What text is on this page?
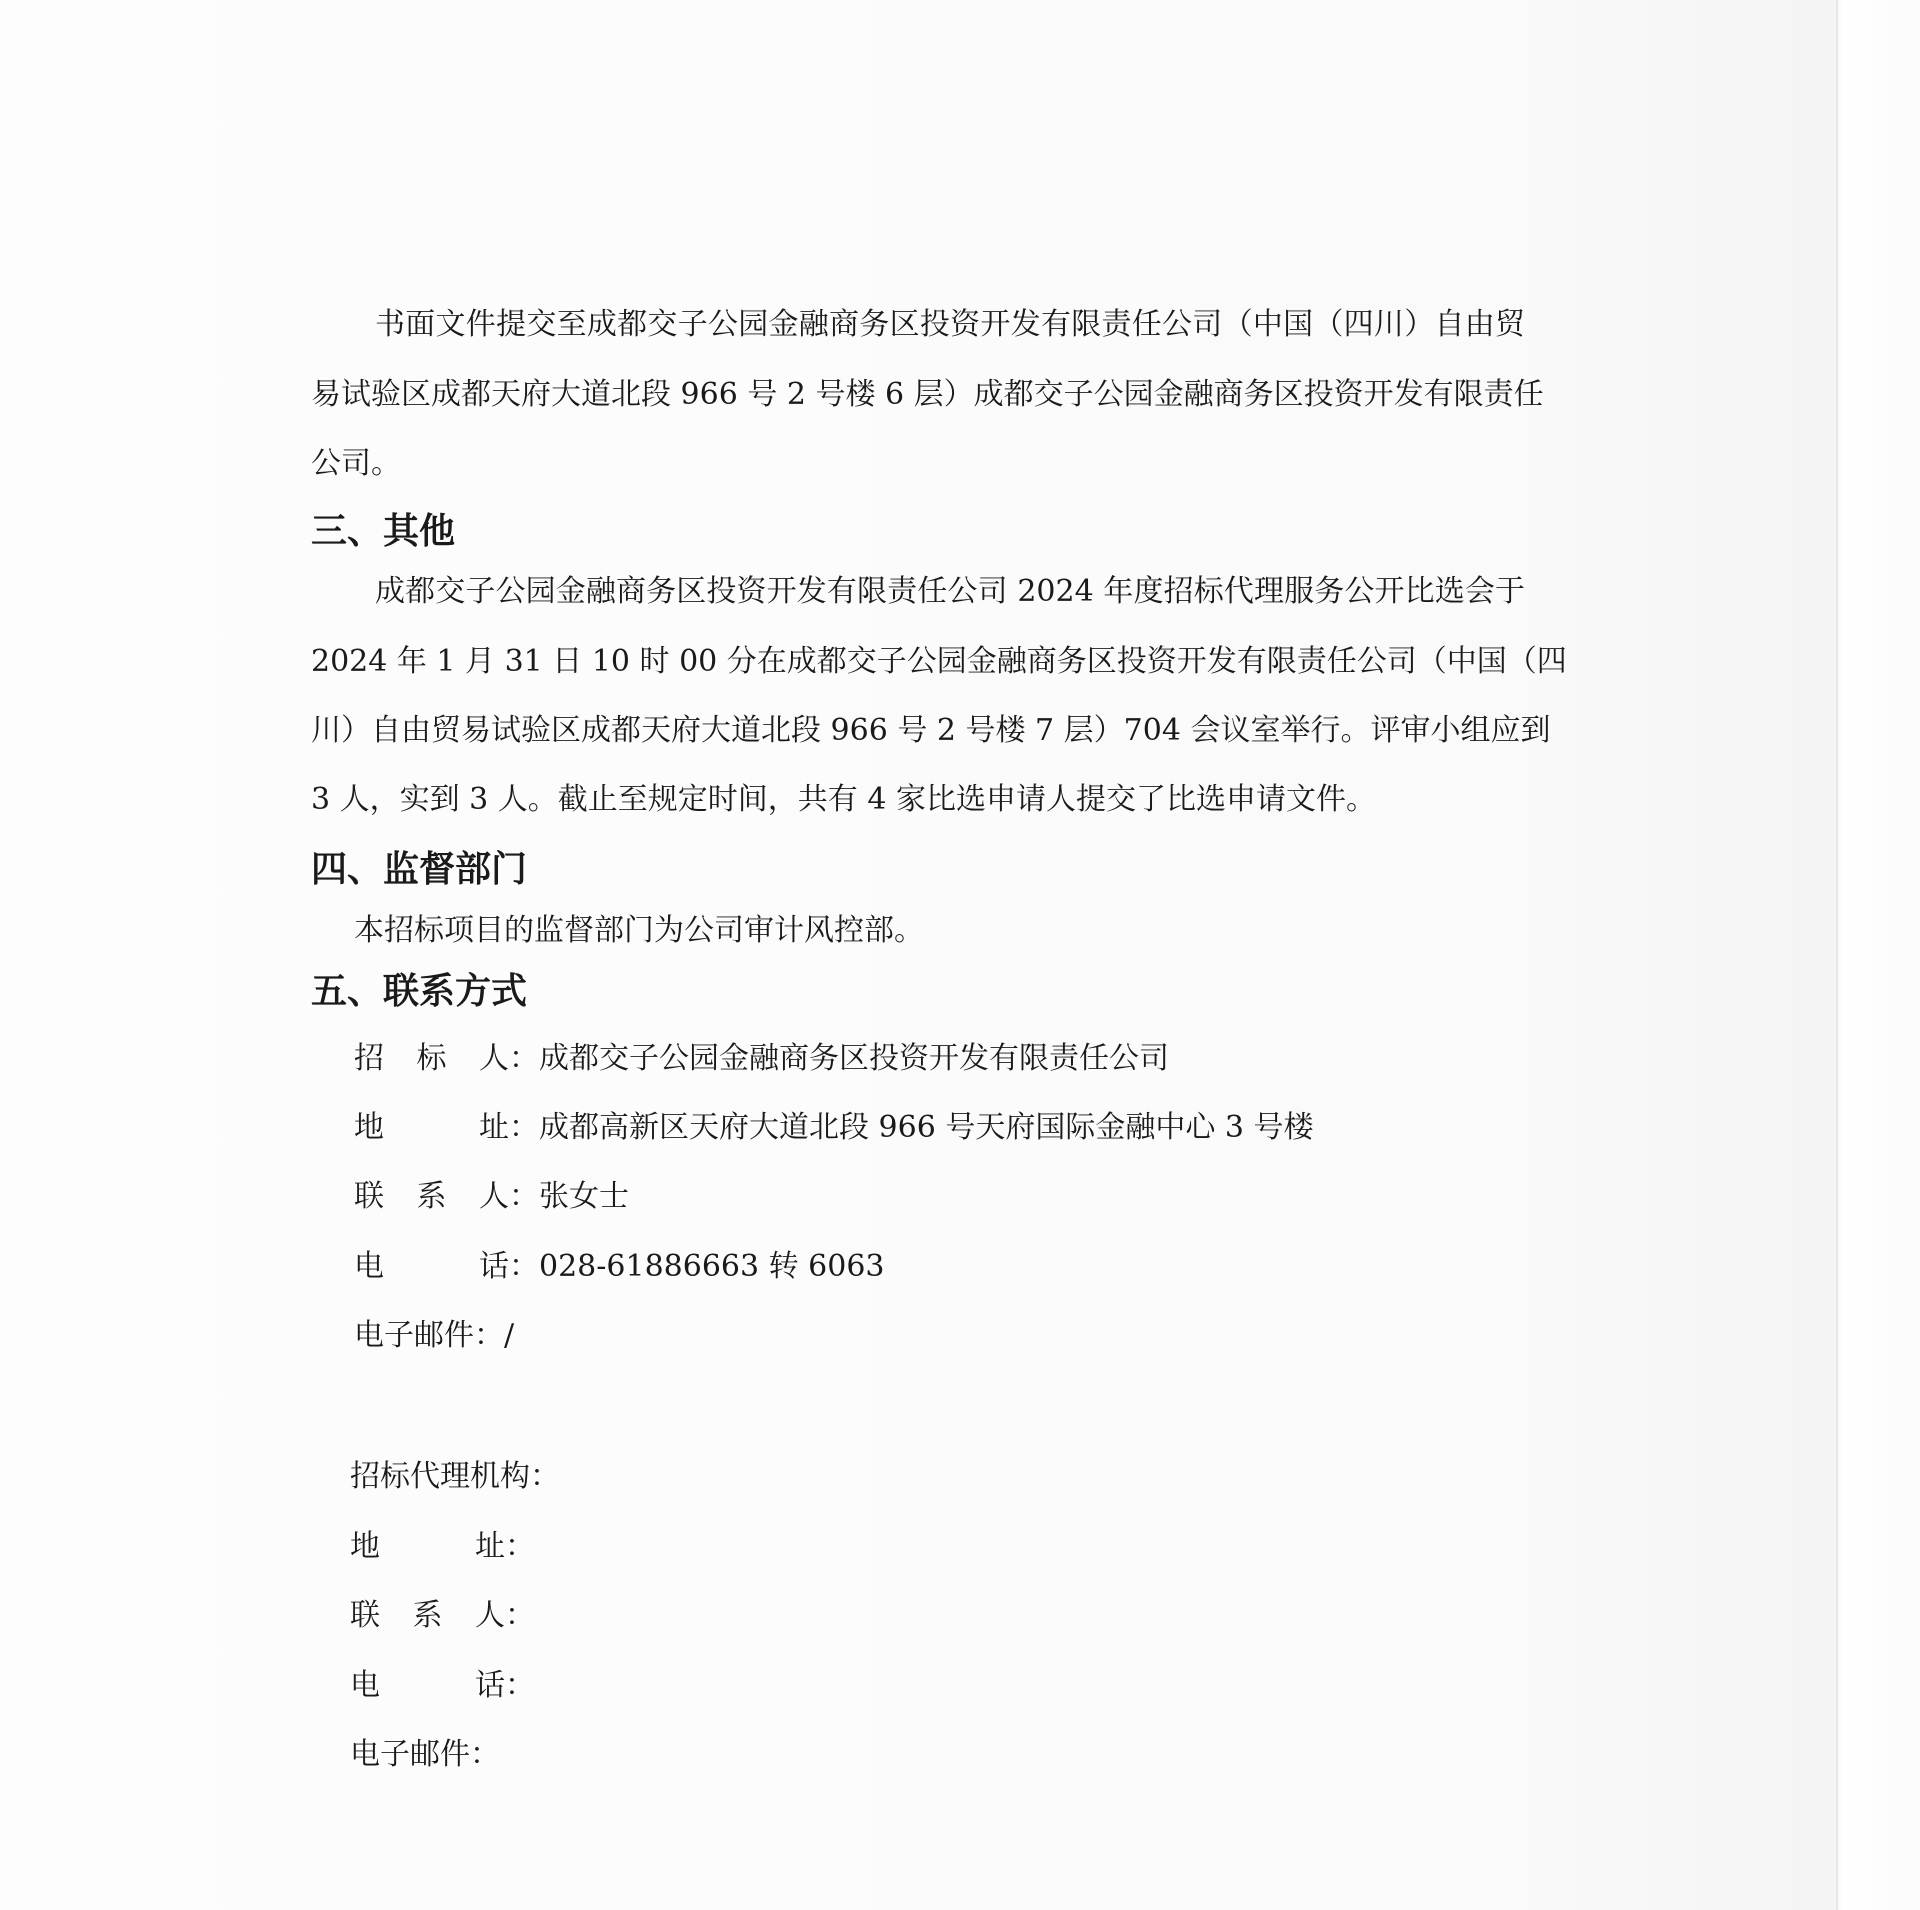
书面文件提交至成都交子公园金融商务区投资开发有限责任公司（中国（四川）自由贸
易试验区成都天府大道北段 966 号 2 号楼 6 层）成都交子公园金融商务区投资开发有限责任
公司。
三、其他
成都交子公园金融商务区投资开发有限责任公司 2024 年度招标代理服务公开比选会于
2024 年 1 月 31 日 10 时 00 分在成都交子公园金融商务区投资开发有限责任公司（中国（四
川）自由贸易试验区成都天府大道北段 966 号 2 号楼 7 层）704 会议室举行。评审小组应到
3 人，实到 3 人。截止至规定时间，共有 4 家比选申请人提交了比选申请文件。
四、监督部门
本招标项目的监督部门为公司审计风控部。
五、联系方式
招标人：成都交子公园金融商务区投资开发有限责任公司
地址：成都高新区天府大道北段 966 号天府国际金融中心 3 号楼
联系人：张女士
电话：028-61886663 转 6063
电子邮件：/
招标代理机构：
地址：
联系人：
电话：
电子邮件：
